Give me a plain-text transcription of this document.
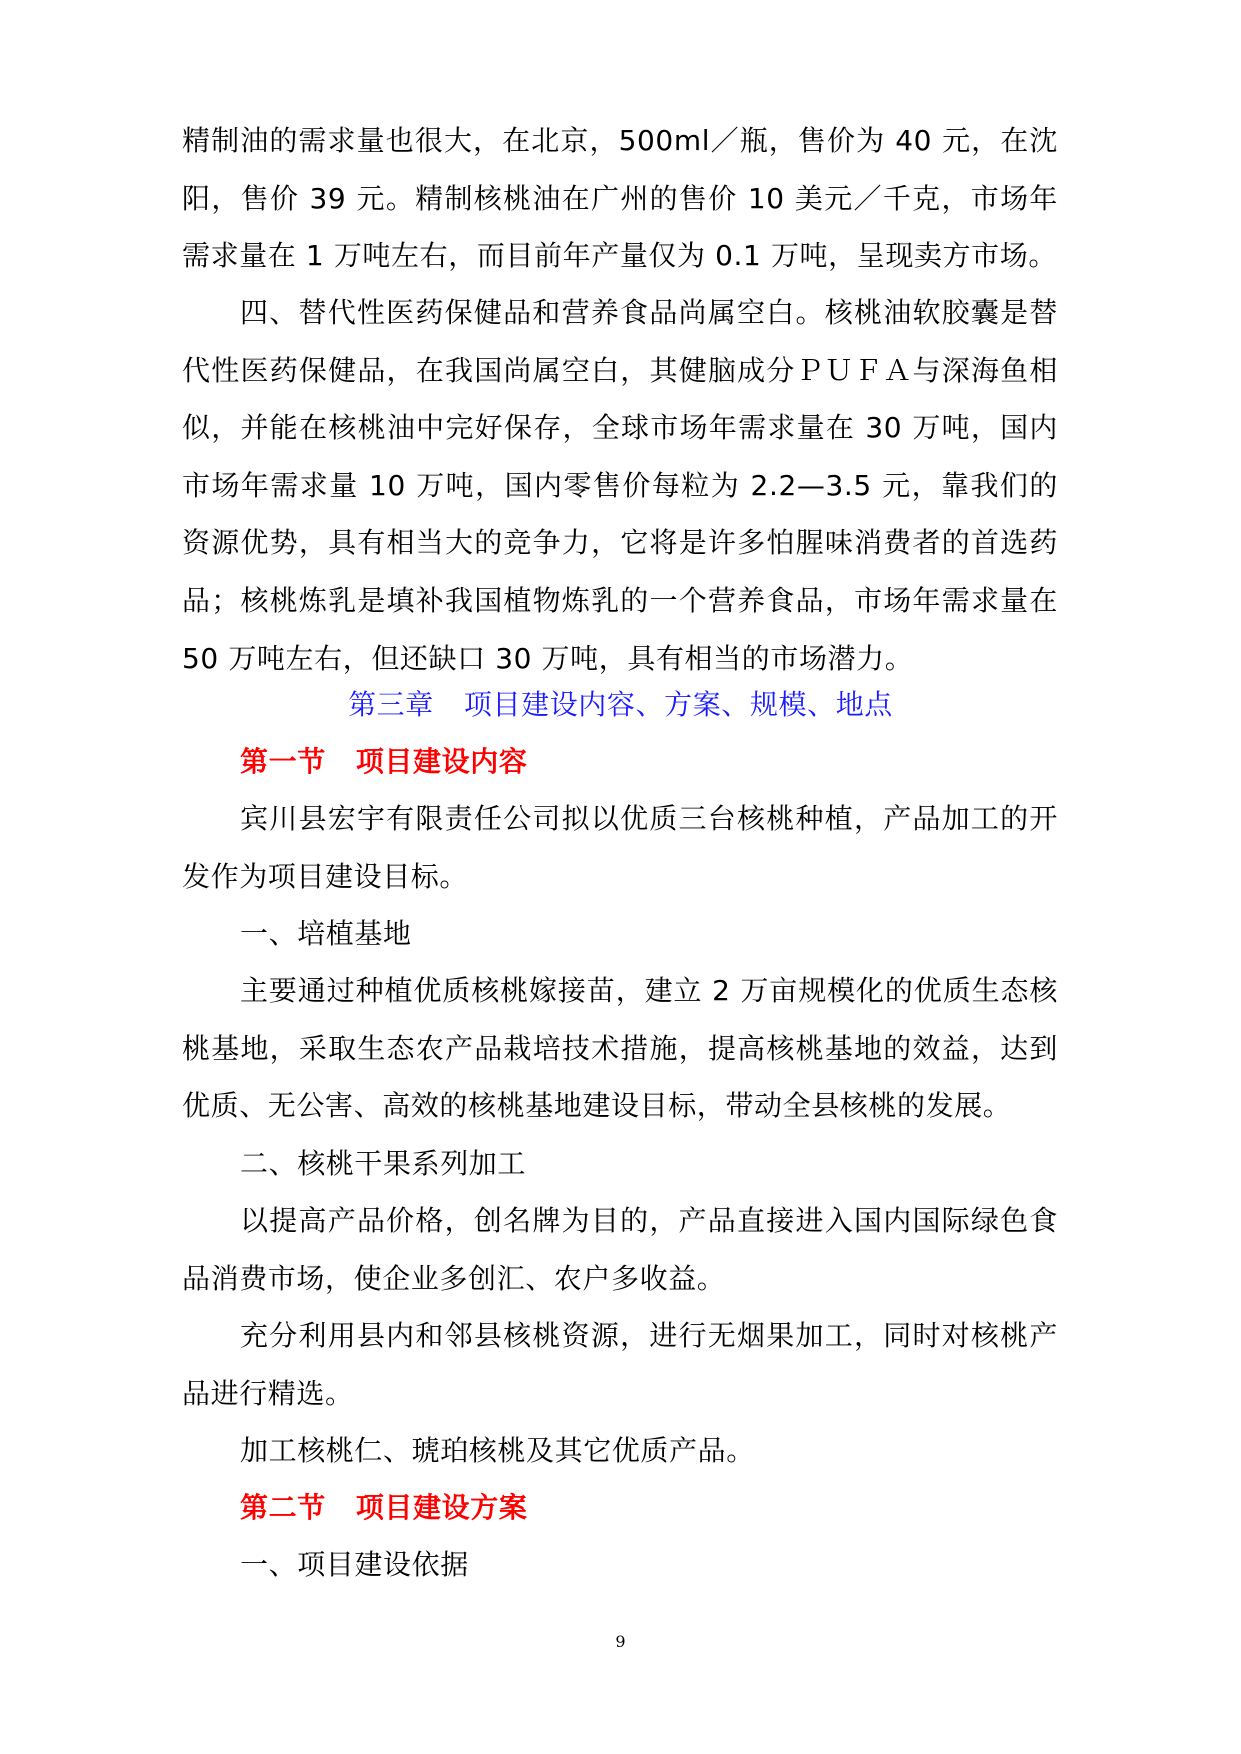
精制油的需求量也很大，在北京，500ml／瓶，售价为 40 元，在沈阳，售价 39 元。精制核桃油在广州的售价 10 美元／千克，市场年需求量在 1 万吨左右，而目前年产量仅为 0.1 万吨，呈现卖方市场。

四、替代性医药保健品和营养食品尚属空白。核桃油软胶囊是替代性医药保健品，在我国尚属空白，其健脑成分ＰＵＦＡ与深海鱼相似，并能在核桃油中完好保存，全球市场年需求量在 30 万吨，国内市场年需求量 10 万吨，国内零售价每粒为 2.2—3.5 元，靠我们的资源优势，具有相当大的竞争力，它将是许多怕腥味消费者的首选药品；核桃炼乳是填补我国植物炼乳的一个营养食品，市场年需求量在50 万吨左右，但还缺口 30 万吨，具有相当的市场潜力。

第三章 项目建设内容、方案、规模、地点

第一节 项目建设内容

宾川县宏宇有限责任公司拟以优质三台核桃种植，产品加工的开发作为项目建设目标。

一、培植基地

主要通过种植优质核桃嫁接苗，建立 2 万亩规模化的优质生态核桃基地，采取生态农产品栽培技术措施，提高核桃基地的效益，达到优质、无公害、高效的核桃基地建设目标，带动全县核桃的发展。

二、核桃干果系列加工

以提高产品价格，创名牌为目的，产品直接进入国内国际绿色食品消费市场，使企业多创汇、农户多收益。

充分利用县内和邻县核桃资源，进行无烟果加工，同时对核桃产品进行精选。

加工核桃仁、琥珀核桃及其它优质产品。

第二节 项目建设方案

一、项目建设依据

9
